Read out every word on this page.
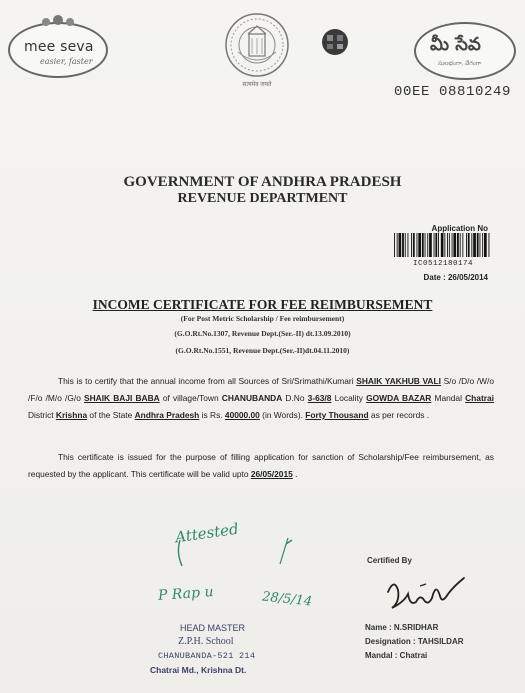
mee seva
easier, faster
सत्यमेव जयते
మీ సేవ
సులభంగా, వేగంగా
00EE 08810249
GOVERNMENT OF ANDHRA PRADESH
REVENUE DEPARTMENT
Application No
IC0512180174
Date : 26/05/2014
INCOME CERTIFICATE FOR FEE REIMBURSEMENT
(For Post Metric Scholarship / Fee reimbursement)
(G.O.Rt.No.1307, Revenue Dept.(Ser.-II) dt.13.09.2010)
(G.O.Rt.No.1551, Revenue Dept.(Ser.-II)dt.04.11.2010)
This is to certify that the annual income from all Sources of Sri/Srimathi/Kumari SHAIK YAKHUB VALI S/o /D/o /W/o /F/o /M/o /G/o SHAIK BAJI BABA of village/Town CHANUBANDA D.No 3-63/8 Locality GOWDA BAZAR Mandal Chatrai District Krishna of the State Andhra Pradesh is Rs. 40000.00 (in Words). Forty Thousand as per records .
This certificate is issued for the purpose of filling application for sanction of Scholarship/Fee reimbursement, as requested by the applicant. This certificate will be valid upto 26/05/2015 .
Attested
P Rap u	28/5/14
HEAD MASTER
Z.P.H. School
CHANUBANDA-521 214
Chatrai Md., Krishna Dt.
Certified By
Name : N.SRIDHAR
Designation : TAHSILDAR
Mandal : Chatrai
